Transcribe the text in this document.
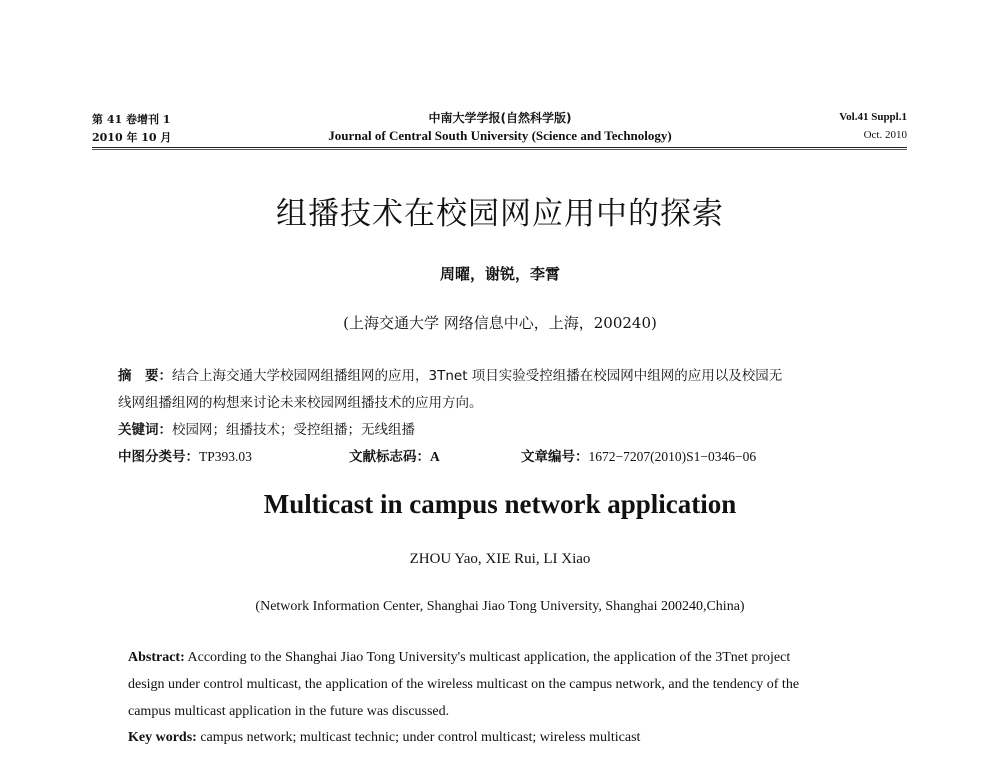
第 41 卷增刊 1
2010 年 10 月
中南大学学报(自然科学版)
Journal of Central South University (Science and Technology)
Vol.41 Suppl.1
Oct. 2010
组播技术在校园网应用中的探索
周曜，谢锐，李霄
(上海交通大学 网络信息中心，上海，200240)
摘　要：结合上海交通大学校园网组播组网的应用，3Tnet 项目实验受控组播在校园网中组网的应用以及校园无
线网组播组网的构想来讨论未来校园网组播技术的应用方向。
关键词：校园网；组播技术；受控组播；无线组播
中图分类号：TP393.03	文献标志码：A	文章编号：1672−7207(2010)S1−0346−06
Multicast in campus network application
ZHOU Yao, XIE Rui, LI Xiao
(Network Information Center, Shanghai Jiao Tong University, Shanghai 200240,China)
Abstract: According to the Shanghai Jiao Tong University's multicast application, the application of the 3Tnet project
design under control multicast, the application of the wireless multicast on the campus network, and the tendency of the
campus multicast application in the future was discussed.
Key words: campus network; multicast technic; under control multicast; wireless multicast
